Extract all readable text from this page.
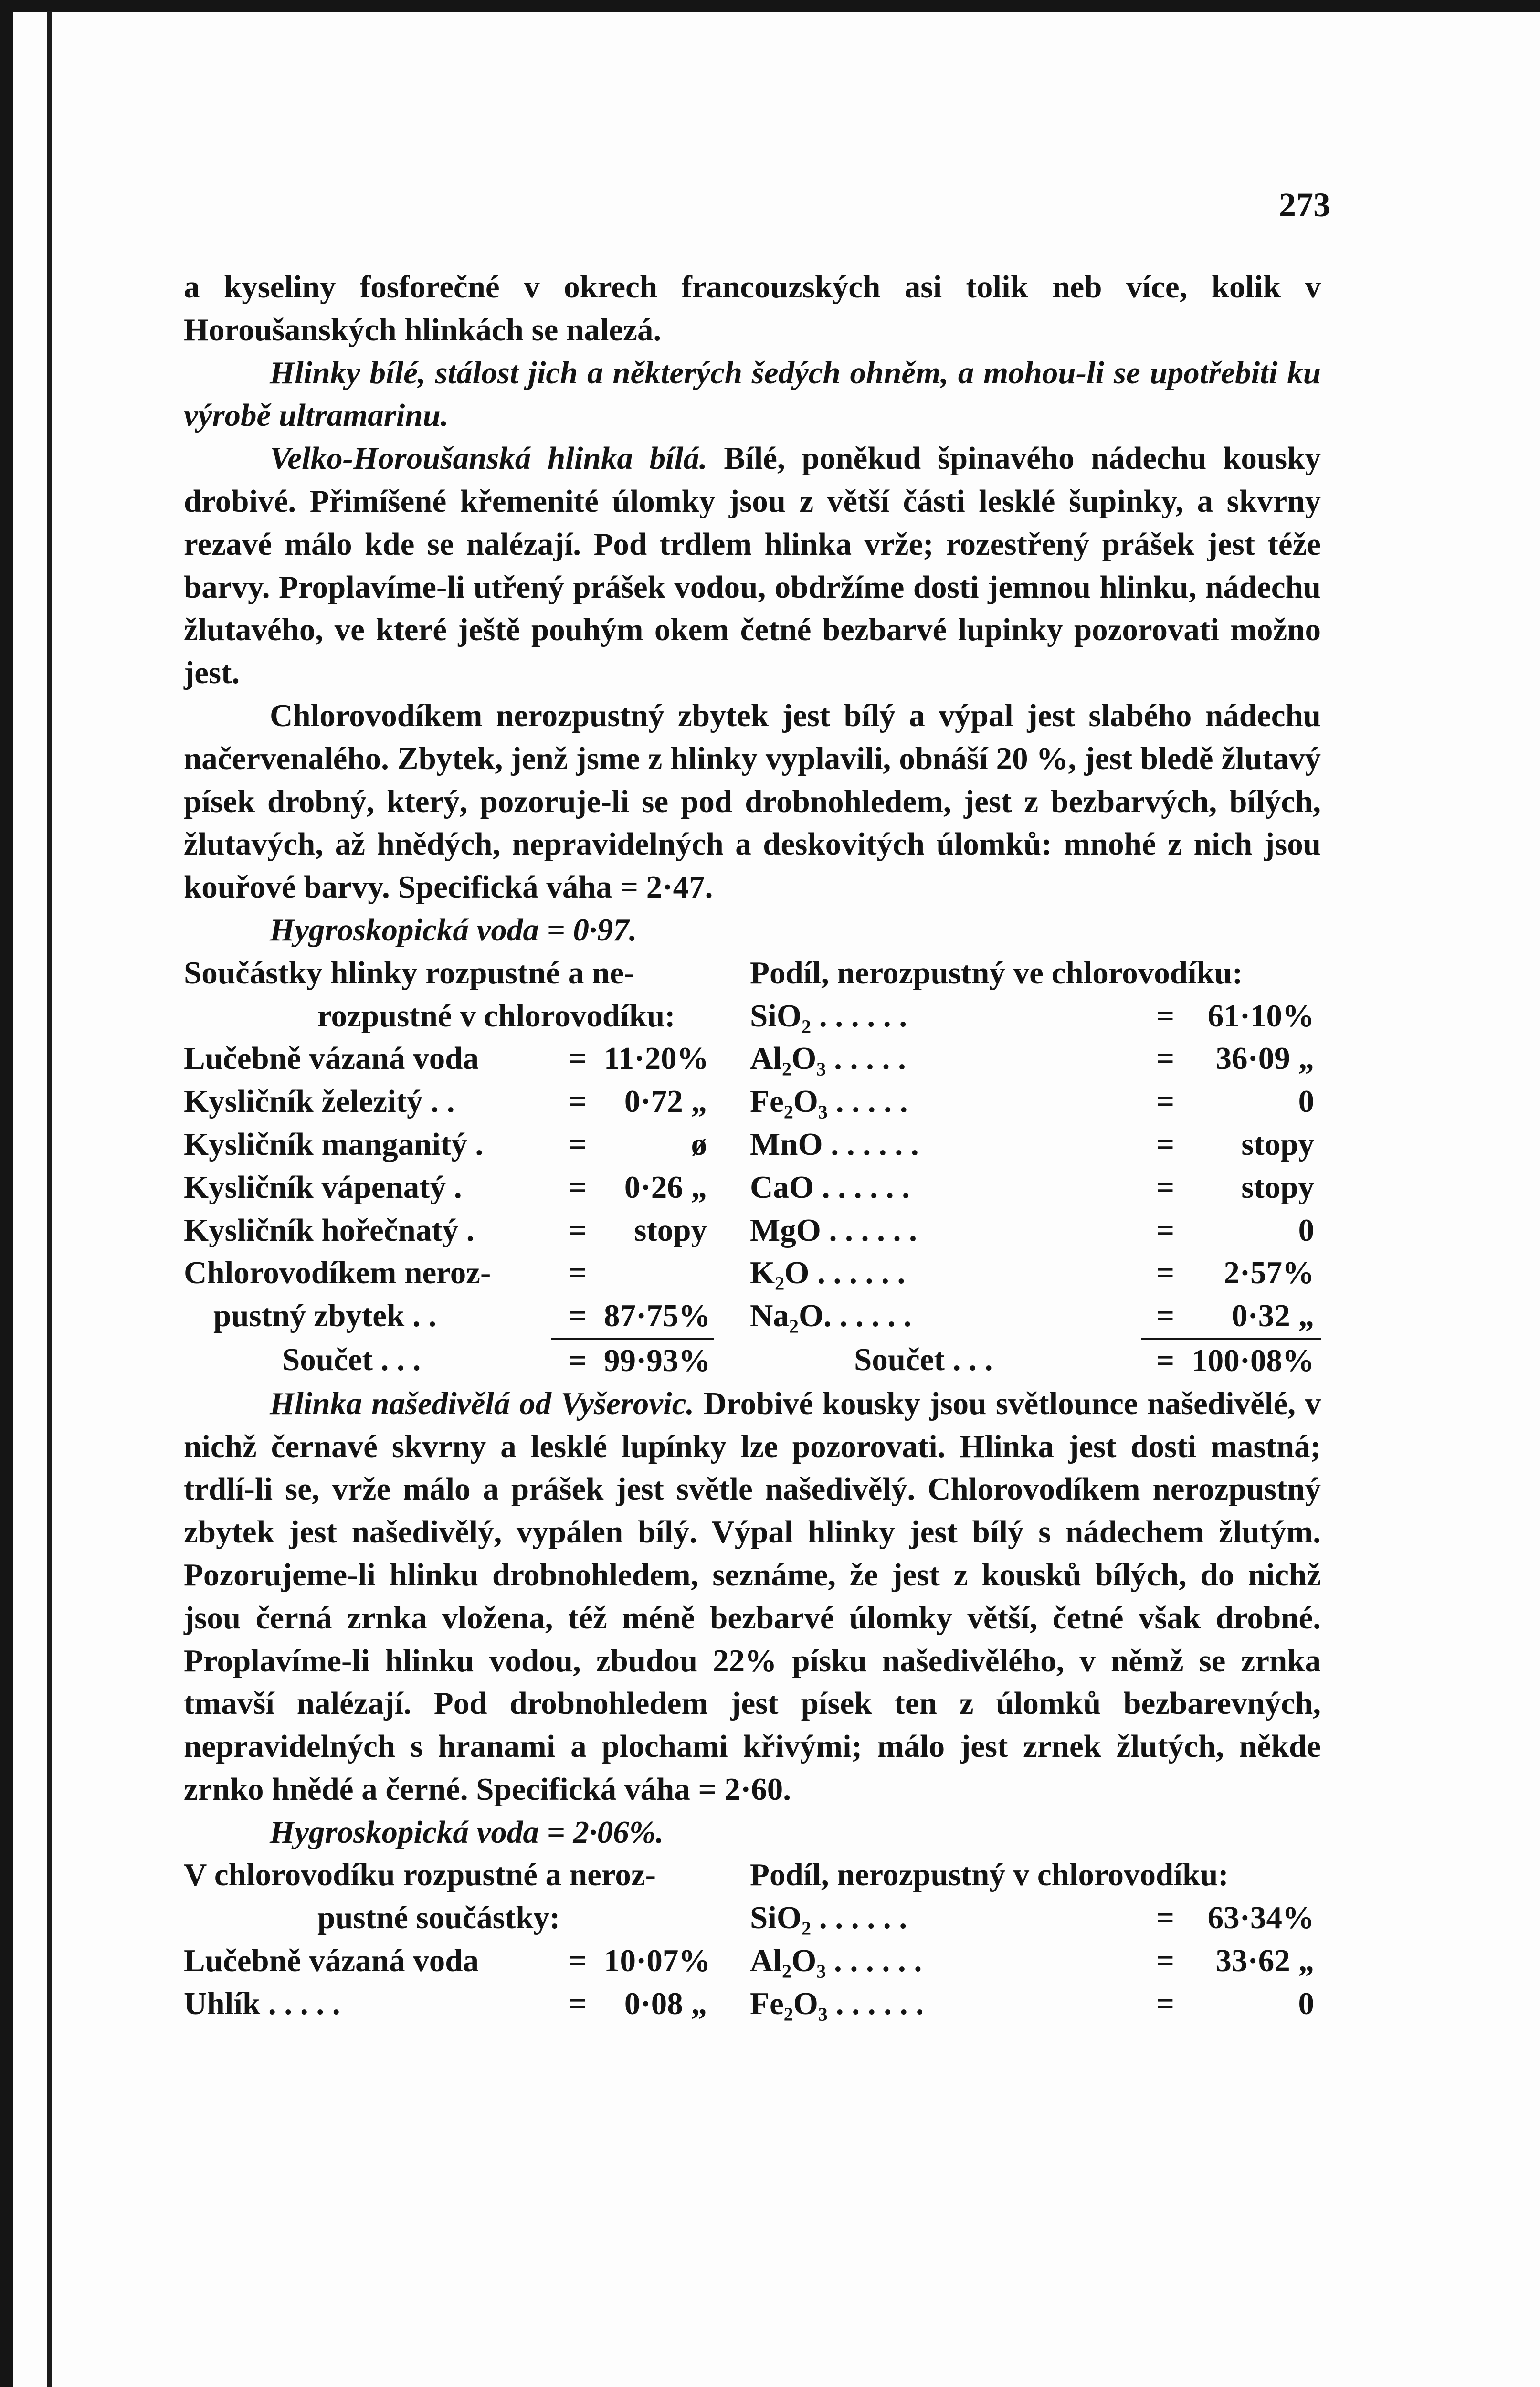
273

a kyseliny fosforečné v okrech francouzských asi tolik neb více, kolik v Horoušanských hlinkách se nalezá.

Hlinky bílé, stálost jich a některých šedých ohněm, a mohou-li se upotřebiti ku výrobě ultramarinu.

Velko-Horoušanská hlinka bílá. Bílé, poněkud špinavého nádechu kousky drobivé. Přimíšené křemenité úlomky jsou z větší části lesklé šupinky, a skvrny rezavé málo kde se nalézají. Pod trdlem hlinka vrže; rozestřený prášek jest téže barvy. Proplavíme-li utřený prášek vodou, obdržíme dosti jemnou hlinku, nádechu žlutavého, ve které ještě pouhým okem četné bezbarvé lupinky pozorovati možno jest.

Chlorovodíkem nerozpustný zbytek jest bílý a výpal jest slabého nádechu načervenalého. Zbytek, jenž jsme z hlinky vyplavili, obnáší 20 %, jest bledě žlutavý písek drobný, který, pozoruje-li se pod drobnohledem, jest z bezbarvých, bílých, žlutavých, až hnědých, nepravidelných a deskovitých úlomků: mnohé z nich jsou kouřové barvy. Specifická váha = 2·47.

Hygroskopická voda = 0·97.

Součástky hlinky rozpustné a ne-				Podíl, nerozpustný ve chlorovodíku:		
rozpustné v chlorovodíku:				SiO₂ . . . . . .	=	61·10%
Lučebně vázaná voda	=	11·20%		Al₂O₃ . . . . .	=	36·09 „
Kysličník železitý . .	=	0·72 „		Fe₂O₃ . . . . .	=	0
Kysličník manganitý .	=	ø		MnO . . . . . .	=	stopy
Kysličník vápenatý .	=	0·26 „		CaO . . . . . .	=	stopy
Kysličník hořečnatý .	=	stopy		MgO . . . . . .	=	0
Chlorovodíkem neroz-	=			K₂O . . . . . .	=	2·57%
pustný zbytek . .	=	87·75%		Na₂O. . . . . .	=	0·32 „
Součet . . .	=	99·93%		Součet . . .	=	100·08%

Hlinka našedivělá od Vyšerovic. Drobivé kousky jsou světlounce našedivělé, v nichž černavé skvrny a lesklé lupínky lze pozorovati. Hlinka jest dosti mastná; trdlí-li se, vrže málo a prášek jest světle našedivělý. Chlorovodíkem nerozpustný zbytek jest našedivělý, vypálen bílý. Výpal hlinky jest bílý s nádechem žlutým. Pozorujeme-li hlinku drobnohledem, seznáme, že jest z kousků bílých, do nichž jsou černá zrnka vložena, též méně bezbarvé úlomky větší, četné však drobné. Proplavíme-li hlinku vodou, zbudou 22% písku našedivělého, v němž se zrnka tmavší nalézají. Pod drobnohledem jest písek ten z úlomků bezbarevných, nepravidelných s hranami a plochami křivými; málo jest zrnek žlutých, někde zrnko hnědé a černé. Specifická váha = 2·60.

Hygroskopická voda = 2·06%.

V chlorovodíku rozpustné a neroz-				Podíl, nerozpustný v chlorovodíku:		
pustné součástky:				SiO₂ . . . . . .	=	63·34%
Lučebně vázaná voda	=	10·07%		Al₂O₃ . . . . . .	=	33·62 „
Uhlík . . . . .	=	0·08 „		Fe₂O₃ . . . . . .	=	0
